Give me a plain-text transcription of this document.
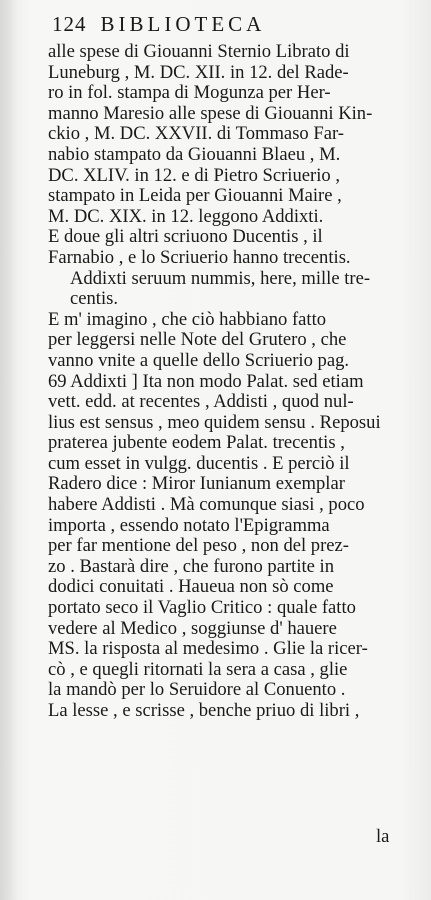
124 BIBLIOTECA
alle spese di Giouanni Sternio Librato di
Luneburg , M. DC. XII. in 12. del Rade-
ro in fol. stampa di Mogunza per Her-
manno Maresio alle spese di Giouanni Kin-
ckio , M. DC. XXVII. di Tommaso Far-
nabio stampato da Giouanni Blaeu , M.
DC. XLIV. in 12. e di Pietro Scriuerio ,
stampato in Leida per Giouanni Maire ,
M. DC. XIX. in 12. leggono Addixti.
E doue gli altri scriuono Ducentis , il
Farnabio , e lo Scriuerio hanno trecentis.
Addixti seruum nummis, here, mille tre-
centis.
E m' imagino , che ciò habbiano fatto
per leggersi nelle Note del Grutero , che
vanno vnite a quelle dello Scriuerio pag.
69 Addixti ] Ita non modo Palat. sed etiam
vett. edd. at recentes , Addisti , quod nul-
lius est sensus , meo quidem sensu . Reposui
praterea jubente eodem Palat. trecentis ,
cum esset in vulgg. ducentis . E perciò il
Radero dice : Miror Iunianum exemplar
habere Addisti . Mà comunque siasi , poco
importa , essendo notato l'Epigramma
per far mentione del peso , non del prez-
zo . Bastarà dire , che furono partite in
dodici conuitati . Haueua non sò come
portato seco il Vaglio Critico : quale fatto
vedere al Medico , soggiunse d' hauere
MS. la risposta al medesimo . Glie la ricer-
cò , e quegli ritornati la sera a casa , glie
la mandò per lo Seruidore al Conuento .
La lesse , e scrisse , benche priuo di libri ,
la
